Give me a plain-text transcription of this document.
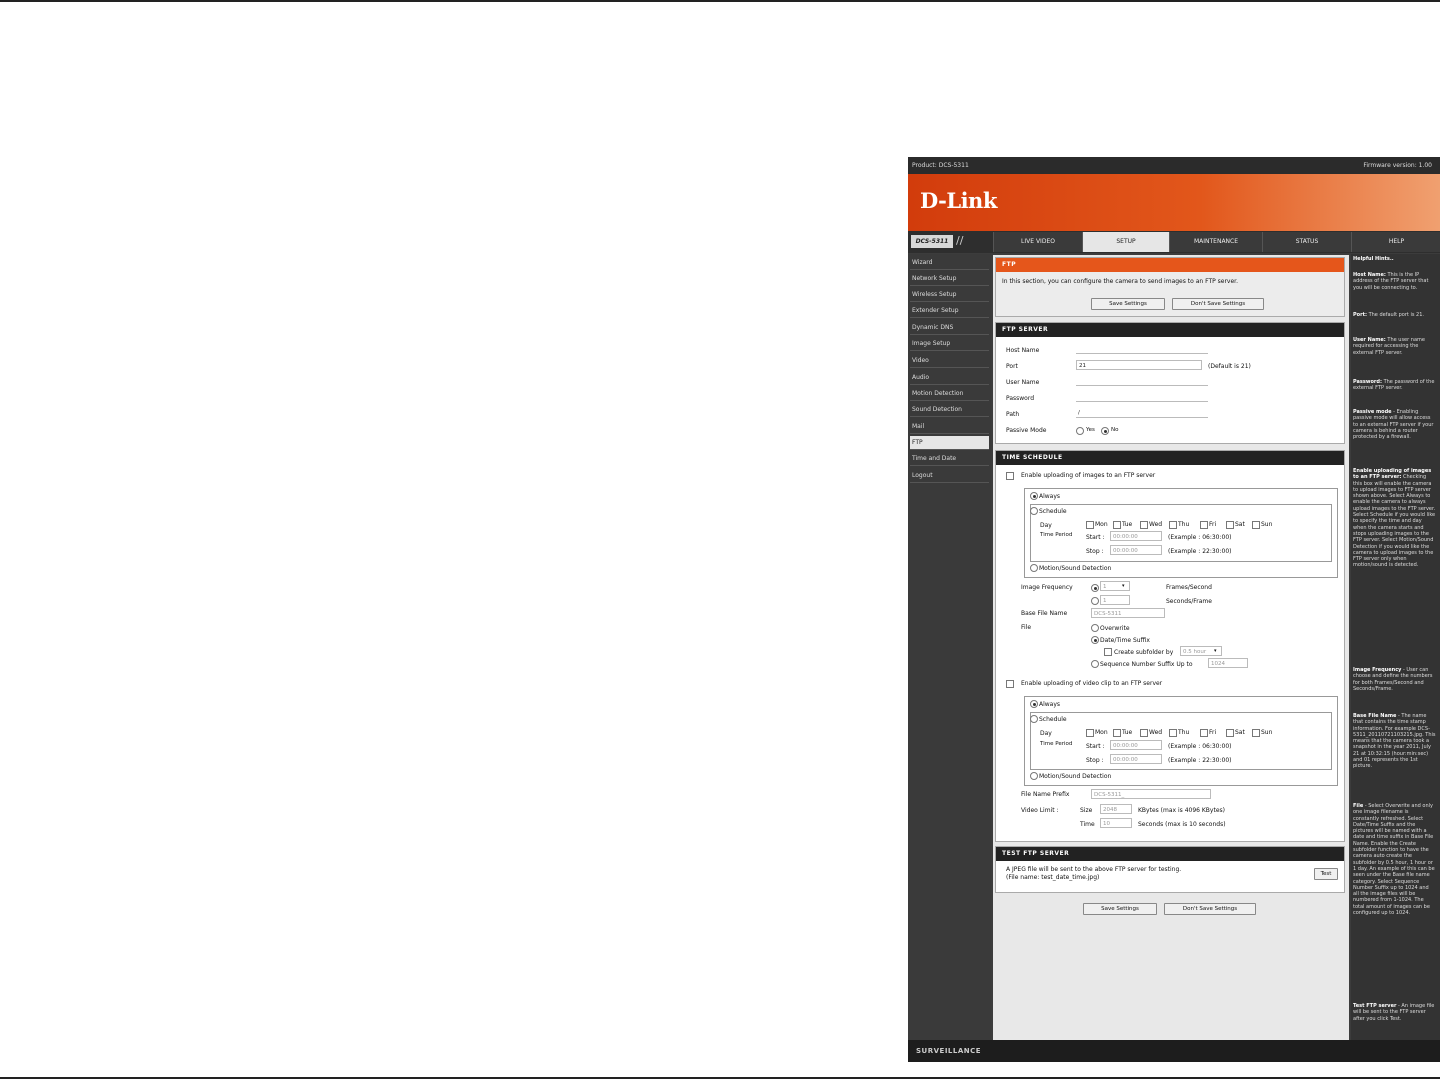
Product: DCS-5311	Firmware version: 1.00
D-Link
DCS-5311 //	LIVE VIDEO	SETUP	MAINTENANCE	STATUS	HELP
Wizard
Network Setup
Wireless Setup
Extender Setup
Dynamic DNS
Image Setup
Video
Audio
Motion Detection
Sound Detection
Mail
FTP
Time and Date
Logout
FTP
In this section, you can configure the camera to send images to an FTP server.
Save Settings	Don't Save Settings
FTP SERVER
Host Name
Port	21	(Default is 21)
User Name
Password
Path	/
Passive Mode	Yes	No
TIME SCHEDULE
Enable uploading of images to an FTP server
Always
Schedule
Day	Mon Tue	Wed	Thu	Fri	Sat	Sun
Time Period Start :	00:00:00	(Example : 06:30:00)
Stop :	00:00:00	(Example : 22:30:00)
Motion/Sound Detection
Image Frequency	1	▾	Frames/Second
1	Seconds/Frame
Base File Name	DCS-5311
File	Overwrite
Date/Time Suffix
Create subfolder by	0.5 hour	▾
Sequence Number Suffix Up to	1024
Enable uploading of video clip to an FTP server
Always
Schedule
Day	Mon Tue	Wed	Thu	Fri	Sat	Sun
Time Period Start :	00:00:00	(Example : 06:30:00)
Stop :	00:00:00	(Example : 22:30:00)
Motion/Sound Detection
File Name Prefix	DCS-5311_
Video Limit :	Size	2048	KBytes (max is 4096 KBytes)
Time	10	Seconds (max is 10 seconds)
TEST FTP SERVER
A JPEG file will be sent to the above FTP server for testing.
(File name: test_date_time.jpg)	Test
Save Settings	Don't Save Settings
Helpful Hints..
Host Name: This is the IP address of the FTP server that you will be connecting to.
Port: The default port is 21.
User Name: The user name required for accessing the external FTP server.
Password: The password of the external FTP server.
Passive mode - Enabling passive mode will allow access to an external FTP server if your camera is behind a router protected by a firewall.
Enable uploading of images to an FTP server: Checking this box will enable the camera to upload images to FTP server shown above. Select Always to enable the camera to always upload images to the FTP server. Select Schedule if you would like to specify the time and day when the camera starts and stops uploading images to the FTP server. Select Motion/Sound Detection if you would like the camera to upload images to the FTP server only when motion/sound is detected.
Image Frequency - User can choose and define the numbers for both Frames/Second and Seconds/Frame.
Base File Name - The name that contains the time stamp information. For example DCS-5311_20110721103215.jpg. This means that the camera took a snapshot in the year 2011, July 21 at 10:32:15 (hour:min:sec) and 01 represents the 1st picture.
File - Select Overwrite and only one image filename is constantly refreshed. Select Date/Time Suffix and the pictures will be named with a date and time suffix in Base File Name. Enable the Create subfolder function to have the camera auto create the subfolder by 0.5 hour, 1 hour or 1 day. An example of this can be seen under the Base file name category. Select Sequence Number Suffix up to 1024 and all the image files will be numbered from 1-1024. The total amount of images can be configured up to 1024.
Test FTP server - An image file will be sent to the FTP server after you click Test.
SURVEILLANCE
